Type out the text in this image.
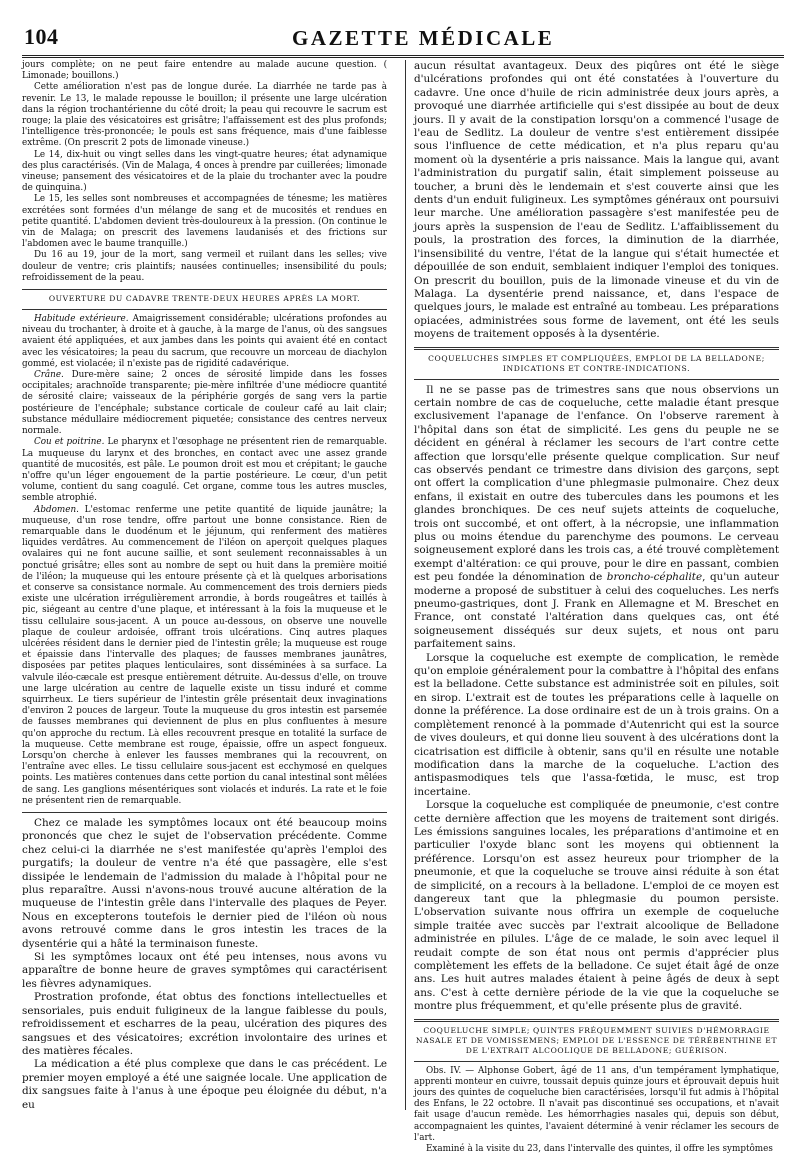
104	GAZETTE MÉDICALE

jours complète; on ne peut faire entendre au malade aucune question. ( Limonade; bouillons.)

Cette amélioration n'est pas de longue durée. La diarrhée ne tarde pas à revenir. Le 13, le malade repousse le bouillon; il présente une large ulcération dans la région trochantérienne du côté droit; la peau qui recouvre le sacrum est rouge; la plaie des vésicatoires est grisâtre; l'affaissement est des plus profonds; l'intelligence très-prononcée; le pouls est sans fréquence, mais d'une faiblesse extrême. (On prescrit 2 pots de limonade vineuse.)

Le 14, dix-huit ou vingt selles dans les vingt-quatre heures; état adynamique des plus caractérisés. (Vin de Malaga, 4 onces à prendre par cuillerées; limonade vineuse; pansement des vésicatoires et de la plaie du trochanter avec la poudre de quinquina.)

Le 15, les selles sont nombreuses et accompagnées de ténesme; les matières excrétées sont formées d'un mélange de sang et de mucosités et rendues en petite quantité. L'abdomen devient très-douloureux à la pression. (On continue le vin de Malaga; on prescrit des lavemens laudanisés et des frictions sur l'abdomen avec le baume tranquille.)

Du 16 au 19, jour de la mort, sang vermeil et ruilant dans les selles; vive douleur de ventre; cris plaintifs; nausées continuelles; insensibilité du pouls; refroidissement de la peau.

OUVERTURE DU CADAVRE TRENTE-DEUX HEURES APRÈS LA MORT.

Habitude extérieure. Amaigrissement considérable; ulcérations profondes au niveau du trochanter, à droite et à gauche, à la marge de l'anus, où des sangsues avaient été appliquées, et aux jambes dans les points qui avaient été en contact avec les vésicatoires; la peau du sacrum, que recouvre un morceau de diachylon gommé, est violacée; il n'existe pas de rigidité cadavérique.

Crâne. Dure-mère saine; 2 onces de sérosité limpide dans les fosses occipitales; arachnoïde transparente; pie-mère infiltrée d'une médiocre quantité de sérosité claire; vaisseaux de la périphérie gorgés de sang vers la partie postérieure de l'encéphale; substance corticale de couleur café au lait clair; substance médullaire médiocrement piquetée; consistance des centres nerveux normale.

Cou et poitrine. Le pharynx et l'œsophage ne présentent rien de remarquable. La muqueuse du larynx et des bronches, en contact avec une assez grande quantité de mucosités, est pâle. Le poumon droit est mou et crépitant; le gauche n'offre qu'un léger engouement de la partie postérieure. Le cœur, d'un petit volume, contient du sang coagulé. Cet organe, comme tous les autres muscles, semble atrophié.

Abdomen. L'estomac renferme une petite quantité de liquide jaunâtre; la muqueuse, d'un rose tendre, offre partout une bonne consistance. Rien de remarquable dans le duodénum et le jéjunum, qui renferment des matières liquides verdâtres. Au commencement de l'iléon on aperçoit quelques plaques ovalaires qui ne font aucune saillie, et sont seulement reconnaissables à un ponctué grisâtre; elles sont au nombre de sept ou huit dans la première moitié de l'iléon; la muqueuse qui les entoure présente çà et là quelques arborisations et conserve sa consistance normale. Au commencement des trois derniers pieds existe une ulcération irrégulièrement arrondie, à bords rougeâtres et taillés à pic, siégeant au centre d'une plaque, et intéressant à la fois la muqueuse et le tissu cellulaire sous-jacent. A un pouce au-dessous, on observe une nouvelle plaque de couleur ardoisée, offrant trois ulcérations. Cinq autres plaques ulcérées résident dans le dernier pied de l'intestin grêle; la muqueuse est rouge et épaissie dans l'intervalle des plaques; de fausses membranes jaunâtres, disposées par petites plaques lenticulaires, sont disséminées à sa surface. La valvule iléo-cæcale est presque entièrement détruite. Au-dessus d'elle, on trouve une large ulcération au centre de laquelle existe un tissu induré et comme squirrheux. Le tiers supérieur de l'intestin grêle présentait deux invaginations d'environ 2 pouces de largeur. Toute la muqueuse du gros intestin est parsemée de fausses membranes qui deviennent de plus en plus confluentes à mesure qu'on approche du rectum. Là elles recouvrent presque en totalité la surface de la muqueuse. Cette membrane est rouge, épaissie, offre un aspect fongueux. Lorsqu'on cherche à enlever les fausses membranes qui la recouvrent, on l'entraîne avec elles. Le tissu cellulaire sous-jacent est ecchymosé en quelques points. Les matières contenues dans cette portion du canal intestinal sont mêlées de sang. Les ganglions mésentériques sont violacés et indurés. La rate et le foie ne présentent rien de remarquable.

Chez ce malade les symptômes locaux ont été beaucoup moins prononcés que chez le sujet de l'observation précédente. Comme chez celui-ci la diarrhée ne s'est manifestée qu'après l'emploi des purgatifs; la douleur de ventre n'a été que passagère, elle s'est dissipée le lendemain de l'admission du malade à l'hôpital pour ne plus reparaître. Aussi n'avons-nous trouvé aucune altération de la muqueuse de l'intestin grêle dans l'intervalle des plaques de Peyer. Nous en excepterons toutefois le dernier pied de l'iléon où nous avons retrouvé comme dans le gros intestin les traces de la dysentérie qui a hâté la terminaison funeste.

Si les symptômes locaux ont été peu intenses, nous avons vu apparaître de bonne heure de graves symptômes qui caractérisent les fièvres adynamiques.

Prostration profonde, état obtus des fonctions intellectuelles et sensoriales, puis enduit fuligineux de la langue faiblesse du pouls, refroidissement et escharres de la peau, ulcération des piqures des sangsues et des vésicatoires; excrétion involontaire des urines et des matières fécales.

La médication a été plus complexe que dans le cas précédent. Le premier moyen employé a été une saignée locale. Une application de dix sangsues faite à l'anus à une époque peu éloignée du début, n'a eu

aucun résultat avantageux. Deux des piqûres ont été le siège d'ulcérations profondes qui ont été constatées à l'ouverture du cadavre. Une once d'huile de ricin administrée deux jours après, a provoqué une diarrhée artificielle qui s'est dissipée au bout de deux jours. Il y avait de la constipation lorsqu'on a commencé l'usage de l'eau de Sedlitz. La douleur de ventre s'est entièrement dissipée sous l'influence de cette médication, et n'a plus reparu qu'au moment où la dysentérie a pris naissance. Mais la langue qui, avant l'administration du purgatif salin, était simplement poisseuse au toucher, a bruni dès le lendemain et s'est couverte ainsi que les dents d'un enduit fuligineux. Les symptômes généraux ont poursuivi leur marche. Une amélioration passagère s'est manifestée peu de jours après la suspension de l'eau de Sedlitz. L'affaiblissement du pouls, la prostration des forces, la diminution de la diarrhée, l'insensibilité du ventre, l'état de la langue qui s'était humectée et dépouillée de son enduit, semblaient indiquer l'emploi des toniques. On prescrit du bouillon, puis de la limonade vineuse et du vin de Malaga. La dysentérie prend naissance, et, dans l'espace de quelques jours, le malade est entraîné au tombeau. Les préparations opiacées, administrées sous forme de lavement, ont été les seuls moyens de traitement opposés à la dysentérie.

COQUELUCHES SIMPLES ET COMPLIQUÉES, EMPLOI DE LA BELLADONE;
INDICATIONS ET CONTRE-INDICATIONS.

Il ne se passe pas de trimestres sans que nous observions un certain nombre de cas de coqueluche, cette maladie étant presque exclusivement l'apanage de l'enfance. On l'observe rarement à l'hôpital dans son état de simplicité. Les gens du peuple ne se décident en général à réclamer les secours de l'art contre cette affection que lorsqu'elle présente quelque complication. Sur neuf cas observés pendant ce trimestre dans division des garçons, sept ont offert la complication d'une phlegmasie pulmonaire. Chez deux enfans, il existait en outre des tubercules dans les poumons et les glandes bronchiques. De ces neuf sujets atteints de coqueluche, trois ont succombé, et ont offert, à la nécropsie, une inflammation plus ou moins étendue du parenchyme des poumons. Le cerveau soigneusement exploré dans les trois cas, a été trouvé complètement exempt d'altération: ce qui prouve, pour le dire en passant, combien est peu fondée la dénomination de broncho-céphalite, qu'un auteur moderne a proposé de substituer à celui des coqueluches. Les nerfs pneumo-gastriques, dont J. Frank en Allemagne et M. Breschet en France, ont constaté l'altération dans quelques cas, ont été soigneusement disséqués sur deux sujets, et nous ont paru parfaitement sains.

Lorsque la coqueluche est exempte de complication, le remède qu'on emploie généralement pour la combattre à l'hôpital des enfans est la belladone. Cette substance est administrée soit en pilules, soit en sirop. L'extrait est de toutes les préparations celle à laquelle on donne la préférence. La dose ordinaire est de un à trois grains. On a complètement renoncé à la pommade d'Autenricht qui est la source de vives douleurs, et qui donne lieu souvent à des ulcérations dont la cicatrisation est difficile à obtenir, sans qu'il en résulte une notable modification dans la marche de la coqueluche. L'action des antispasmodiques tels que l'assa-fœtida, le musc, est trop incertaine.

Lorsque la coqueluche est compliquée de pneumonie, c'est contre cette dernière affection que les moyens de traitement sont dirigés. Les émissions sanguines locales, les préparations d'antimoine et en particulier l'oxyde blanc sont les moyens qui obtiennent la préférence. Lorsqu'on est assez heureux pour triompher de la pneumonie, et que la coqueluche se trouve ainsi réduite à son état de simplicité, on a recours à la belladone. L'emploi de ce moyen est dangereux tant que la phlegmasie du poumon persiste. L'observation suivante nous offrira un exemple de coqueluche simple traitée avec succès par l'extrait alcoolique de Belladone administrée en pilules. L'âge de ce malade, le soin avec lequel il reudait compte de son état nous ont permis d'apprécier plus complètement les effets de la belladone. Ce sujet était âgé de onze ans. Les huit autres malades étaient à peine âgés de deux à sept ans. C'est à cette dernière période de la vie que la coqueluche se montre plus fréquemment, et qu'elle présente plus de gravité.

COQUELUCHE SIMPLE; QUINTES FRÉQUEMMENT SUIVIES D'HÉMORRAGIE NASALE ET DE VOMISSEMENS; EMPLOI DE L'ESSENCE DE TÉRÉBENTHINE ET DE L'EXTRAIT ALCOOLIQUE DE BELLADONE; GUÉRISON.

Obs. IV. — Alphonse Gobert, âgé de 11 ans, d'un tempérament lymphatique, apprenti monteur en cuivre, toussait depuis quinze jours et éprouvait depuis huit jours des quintes de coqueluche bien caractérisées, lorsqu'il fut admis à l'hôpital des Enfans, le 22 octobre. Il n'avait pas discontinué ses occupations, et n'avait fait usage d'aucun remède. Les hémorrhagies nasales qui, depuis son début, accompagnaient les quintes, l'avaient déterminé à venir réclamer les secours de l'art.

Examiné à la visite du 23, dans l'intervalle des quintes, il offre les symptômes
